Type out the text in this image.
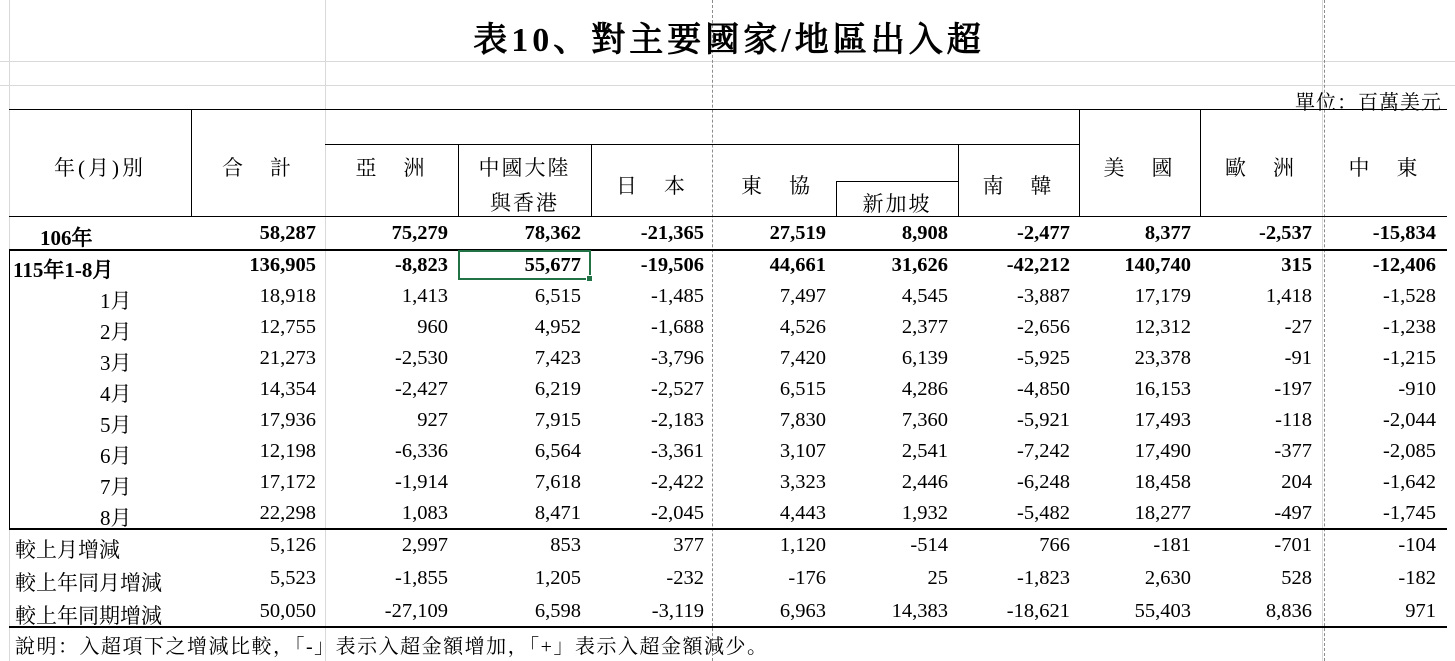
表10、對主要國家/地區出入超
單位：百萬美元
年(月)別	合　計	亞　洲	中國大陸
與香港
日　本	東　協
新加坡
南　韓
美　國	歐　洲	中　東
106年	58,287	75,279	78,362	-21,365	27,519	8,908	-2,477	8,377	-2,537	-15,834
115年1-8月	136,905	-8,823	55,677	-19,506	44,661	31,626	-42,212	140,740	315	-12,406
1月	18,918	1,413	6,515	-1,485	7,497	4,545	-3,887	17,179	1,418	-1,528
2月	12,755	960	4,952	-1,688	4,526	2,377	-2,656	12,312	-27	-1,238
3月	21,273	-2,530	7,423	-3,796	7,420	6,139	-5,925	23,378	-91	-1,215
4月	14,354	-2,427	6,219	-2,527	6,515	4,286	-4,850	16,153	-197	-910
5月	17,936	927	7,915	-2,183	7,830	7,360	-5,921	17,493	-118	-2,044
6月	12,198	-6,336	6,564	-3,361	3,107	2,541	-7,242	17,490	-377	-2,085
7月	17,172	-1,914	7,618	-2,422	3,323	2,446	-6,248	18,458	204	-1,642
8月	22,298	1,083	8,471	-2,045	4,443	1,932	-5,482	18,277	-497	-1,745
較上月增減	5,126	2,997	853	377	1,120	-514	766	-181	-701	-104
較上年同月增減	5,523	-1,855	1,205	-232	-176	25	-1,823	2,630	528	-182
較上年同期增減	50,050	-27,109	6,598	-3,119	6,963	14,383	-18,621	55,403	8,836	971
說明：入超項下之增減比較，「-」表示入超金額增加，「+」表示入超金額減少。
